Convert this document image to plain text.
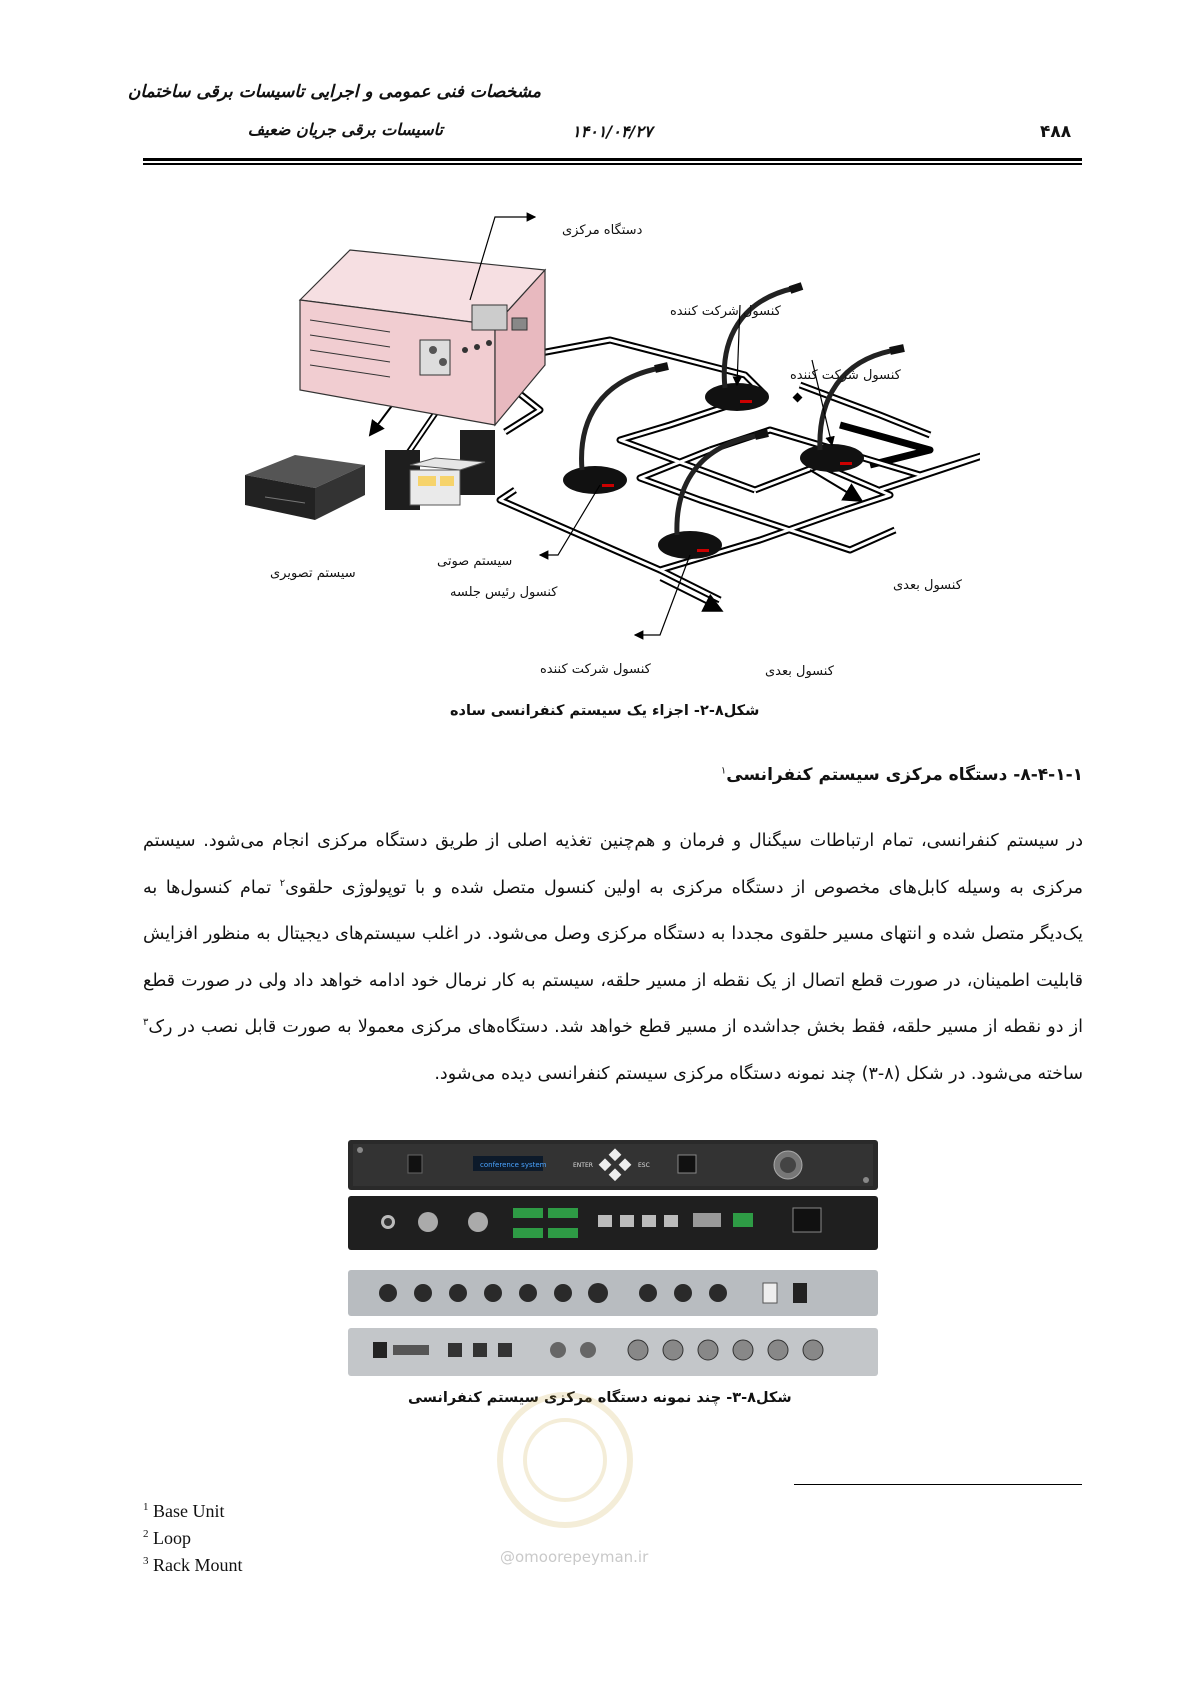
مشخصات فنی عمومی و اجرایی تاسیسات برقی ساختمان
تاسیسات برقی جریان ضعیف	۱۴۰۱/۰۴/۲۷	۴۸۸
دستگاه مرکزی
کنسول شرکت کننده
کنسول شرکت کننده
سیستم تصویری
سیستم صوتی
کنسول رئیس جلسه
کنسول شرکت کننده
کنسول بعدی
کنسول بعدی
شکل۸-۲- اجزاء یک سیستم کنفرانسی ساده
۸-۴-۱-۱- دستگاه مرکزی سیستم کنفرانسی$^۱$
در سیستم کنفرانسی، تمام ارتباطات سیگنال و فرمان و هم‌چنین تغذیه اصلی از طریق دستگاه مرکزی انجام می‌شود. سیستم مرکزی به وسیله کابل‌های مخصوص از دستگاه مرکزی به اولین کنسول متصل شده و با توپولوژی حلقوی$^۲$ تمام کنسول‌ها به یک‌دیگر متصل شده و انتهای مسیر حلقوی مجددا به دستگاه مرکزی وصل می‌شود. در اغلب سیستم‌های دیجیتال به منظور افزایش قابلیت اطمینان، در صورت قطع اتصال از یک نقطه از مسیر حلقه، سیستم به کار نرمال خود ادامه خواهد داد ولی در صورت قطع از دو نقطه از مسیر حلقه، فقط بخش جداشده از مسیر قطع خواهد شد. دستگاه‌های مرکزی معمولا به صورت قابل نصب در رک$^۳$ ساخته می‌شود. در شکل (۸-۳) چند نمونه دستگاه مرکزی سیستم کنفرانسی دیده می‌شود.
conference system	ENTER	ESC
شکل۸-۳- چند نمونه دستگاه مرکزی سیستم کنفرانسی
$^1$ Base Unit
$^2$ Loop
$^3$ Rack Mount	@omoorepeyman.ir
